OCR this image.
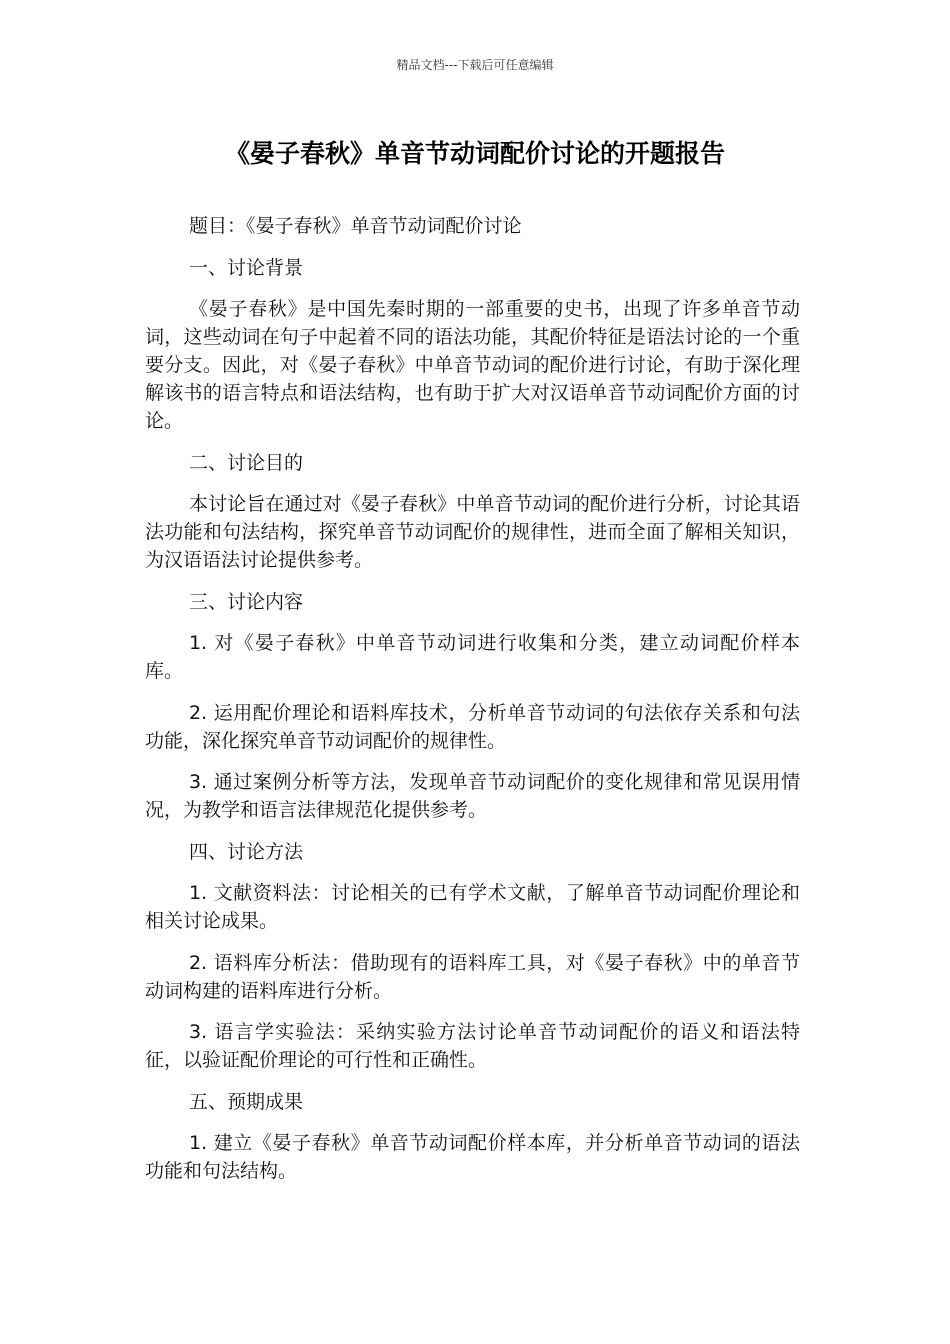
精品文档---下载后可任意编辑
《晏子春秋》单音节动词配价讨论的开题报告

题目：《晏子春秋》单音节动词配价讨论

一、讨论背景

《晏子春秋》是中国先秦时期的一部重要的史书，出现了许多单音节动词，这些动词在句子中起着不同的语法功能，其配价特征是语法讨论的一个重要分支。因此，对《晏子春秋》中单音节动词的配价进行讨论，有助于深化理解该书的语言特点和语法结构，也有助于扩大对汉语单音节动词配价方面的讨论。

二、讨论目的

本讨论旨在通过对《晏子春秋》中单音节动词的配价进行分析，讨论其语法功能和句法结构，探究单音节动词配价的规律性，进而全面了解相关知识，为汉语语法讨论提供参考。

三、讨论内容

1. 对《晏子春秋》中单音节动词进行收集和分类，建立动词配价样本库。

2. 运用配价理论和语料库技术，分析单音节动词的句法依存关系和句法功能，深化探究单音节动词配价的规律性。

3. 通过案例分析等方法，发现单音节动词配价的变化规律和常见误用情况，为教学和语言法律规范化提供参考。

四、讨论方法

1. 文献资料法：讨论相关的已有学术文献，了解单音节动词配价理论和相关讨论成果。

2. 语料库分析法：借助现有的语料库工具，对《晏子春秋》中的单音节动词构建的语料库进行分析。

3. 语言学实验法：采纳实验方法讨论单音节动词配价的语义和语法特征，以验证配价理论的可行性和正确性。

五、预期成果

1. 建立《晏子春秋》单音节动词配价样本库，并分析单音节动词的语法功能和句法结构。
